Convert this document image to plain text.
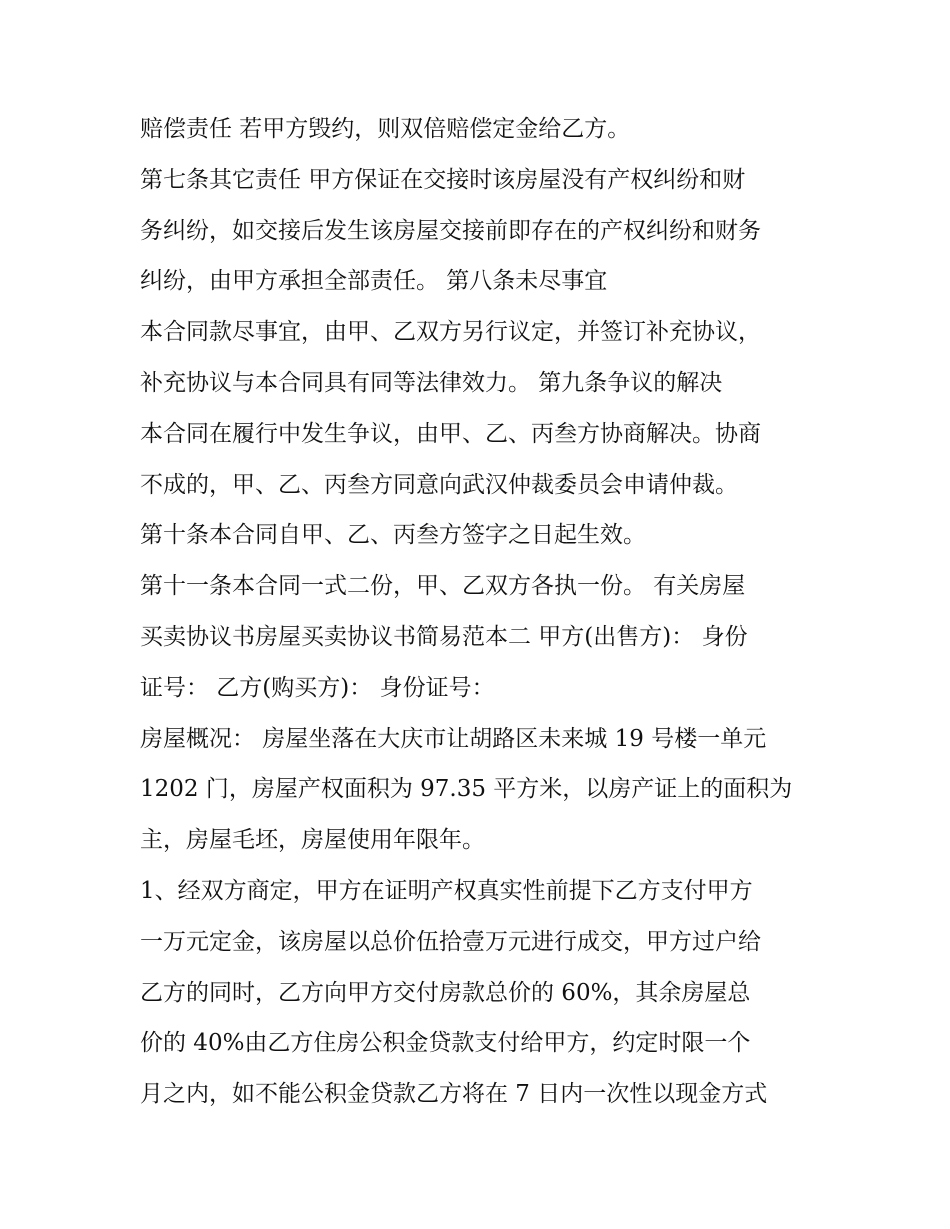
赔偿责任 若甲方毁约，则双倍赔偿定金给乙方。
第七条其它责任 甲方保证在交接时该房屋没有产权纠纷和财
务纠纷，如交接后发生该房屋交接前即存在的产权纠纷和财务
纠纷，由甲方承担全部责任。 第八条未尽事宜
本合同款尽事宜，由甲、乙双方另行议定，并签订补充协议，
补充协议与本合同具有同等法律效力。 第九条争议的解决
本合同在履行中发生争议，由甲、乙、丙叁方协商解决。协商
不成的，甲、乙、丙叁方同意向武汉仲裁委员会申请仲裁。
第十条本合同自甲、乙、丙叁方签字之日起生效。
第十一条本合同一式二份，甲、乙双方各执一份。 有关房屋
买卖协议书房屋买卖协议书简易范本二 甲方(出售方)： 身份
证号： 乙方(购买方)： 身份证号：
房屋概况： 房屋坐落在大庆市让胡路区未来城 19 号楼一单元
1202 门，房屋产权面积为 97.35 平方米，以房产证上的面积为
主，房屋毛坯，房屋使用年限年。
1、经双方商定，甲方在证明产权真实性前提下乙方支付甲方
一万元定金，该房屋以总价伍拾壹万元进行成交，甲方过户给
乙方的同时，乙方向甲方交付房款总价的 60%，其余房屋总
价的 40%由乙方住房公积金贷款支付给甲方，约定时限一个
月之内，如不能公积金贷款乙方将在 7 日内一次性以现金方式
